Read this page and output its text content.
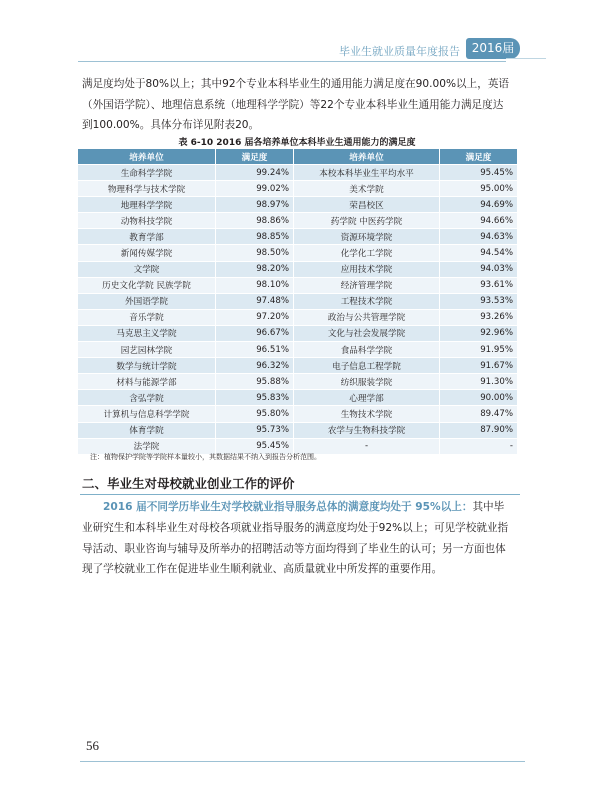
毕业生就业质量年度报告 2016届
满足度均处于80%以上；其中92个专业本科毕业生的通用能力满足度在90.00%以上，英语（外国语学院）、地理信息系统（地理科学学院）等22个专业本科毕业生通用能力满足度达到100.00%。具体分布详见附表20。
表 6-10 2016 届各培养单位本科毕业生通用能力的满足度
培养单位	满足度	培养单位	满足度
生命科学学院	99.24%	本校本科毕业生平均水平	95.45%
物理科学与技术学院	99.02%	美术学院	95.00%
地理科学学院	98.97%	荣昌校区	94.69%
动物科技学院	98.86%	药学院 中医药学院	94.66%
教育学部	98.85%	资源环境学院	94.63%
新闻传媒学院	98.50%	化学化工学院	94.54%
文学院	98.20%	应用技术学院	94.03%
历史文化学院 民族学院	98.10%	经济管理学院	93.61%
外国语学院	97.48%	工程技术学院	93.53%
音乐学院	97.20%	政治与公共管理学院	93.26%
马克思主义学院	96.67%	文化与社会发展学院	92.96%
园艺园林学院	96.51%	食品科学学院	91.95%
数学与统计学院	96.32%	电子信息工程学院	91.67%
材料与能源学部	95.88%	纺织服装学院	91.30%
含弘学院	95.83%	心理学部	90.00%
计算机与信息科学学院	95.80%	生物技术学院	89.47%
体育学院	95.73%	农学与生物科技学院	87.90%
法学院	95.45%	-	-
注：植物保护学院等学院样本量较小，其数据结果不纳入到报告分析范围。
二、毕业生对母校就业创业工作的评价
2016 届不同学历毕业生对学校就业指导服务总体的满意度均处于 95%以上：其中毕业研究生和本科毕业生对母校各项就业指导服务的满意度均处于92%以上；可见学校就业指导活动、职业咨询与辅导及所举办的招聘活动等方面均得到了毕业生的认可；另一方面也体现了学校就业工作在促进毕业生顺利就业、高质量就业中所发挥的重要作用。
56
